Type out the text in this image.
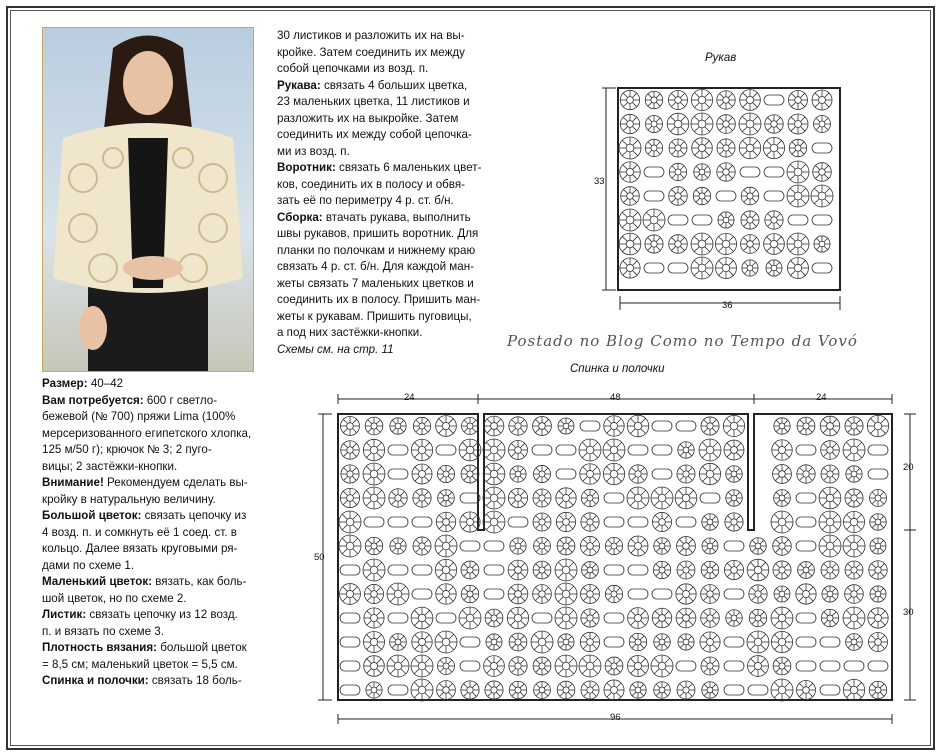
30 листиков и разложить их на вы-

кройке. Затем соединить их между

собой цепочками из возд. п.

Рукава: связать 4 больших цветка,

23 маленьких цветка, 11 листиков и

разложить их на выкройке. Затем

соединить их между собой цепочка-

ми из возд. п.

Воротник: связать 6 маленьких цвет-

ков, соединить их в полосу и обвя-

зать её по периметру 4 р. ст. б/н.

Сборка: втачать рукава, выполнить

швы рукавов, пришить воротник. Для

планки по полочкам и нижнему краю

связать 4 р. ст. б/н. Для каждой ман-

жеты связать 7 маленьких цветков и

соединить их в полосу. Пришить ман-

жеты к рукавам. Пришить пуговицы,

а под них застёжки-кнопки.

Схемы см. на стр. 11

Размер: 40–42

Вам потребуется: 600 г светло-

бежевой (№ 700) пряжи Lima (100%

мерсеризованного египетского хлопка, 125 м/50 г); крючок № 3; 2 пуго-

вицы; 2 застёжки-кнопки.

Внимание! Рекомендуем сделать вы-

кройку в натуральную величину.

Большой цветок: связать цепочку из

4 возд. п. и сомкнуть её 1 соед. ст. в

кольцо. Далее вязать круговыми ря-

дами по схеме 1.

Маленький цветок: вязать, как боль-

шой цветок, но по схеме 2.

Листик: связать цепочку из 12 возд.

п. и вязать по схеме 3.

Плотность вязания: большой цветок

= 8,5 см; маленький цветок = 5,5 см.

Спинка и полочки: связать 18 боль-

Postado no Blog Como no Tempo da Vovó
Рукав
Спинка и полочки
33
36
24	48	24
50
20
30
96
